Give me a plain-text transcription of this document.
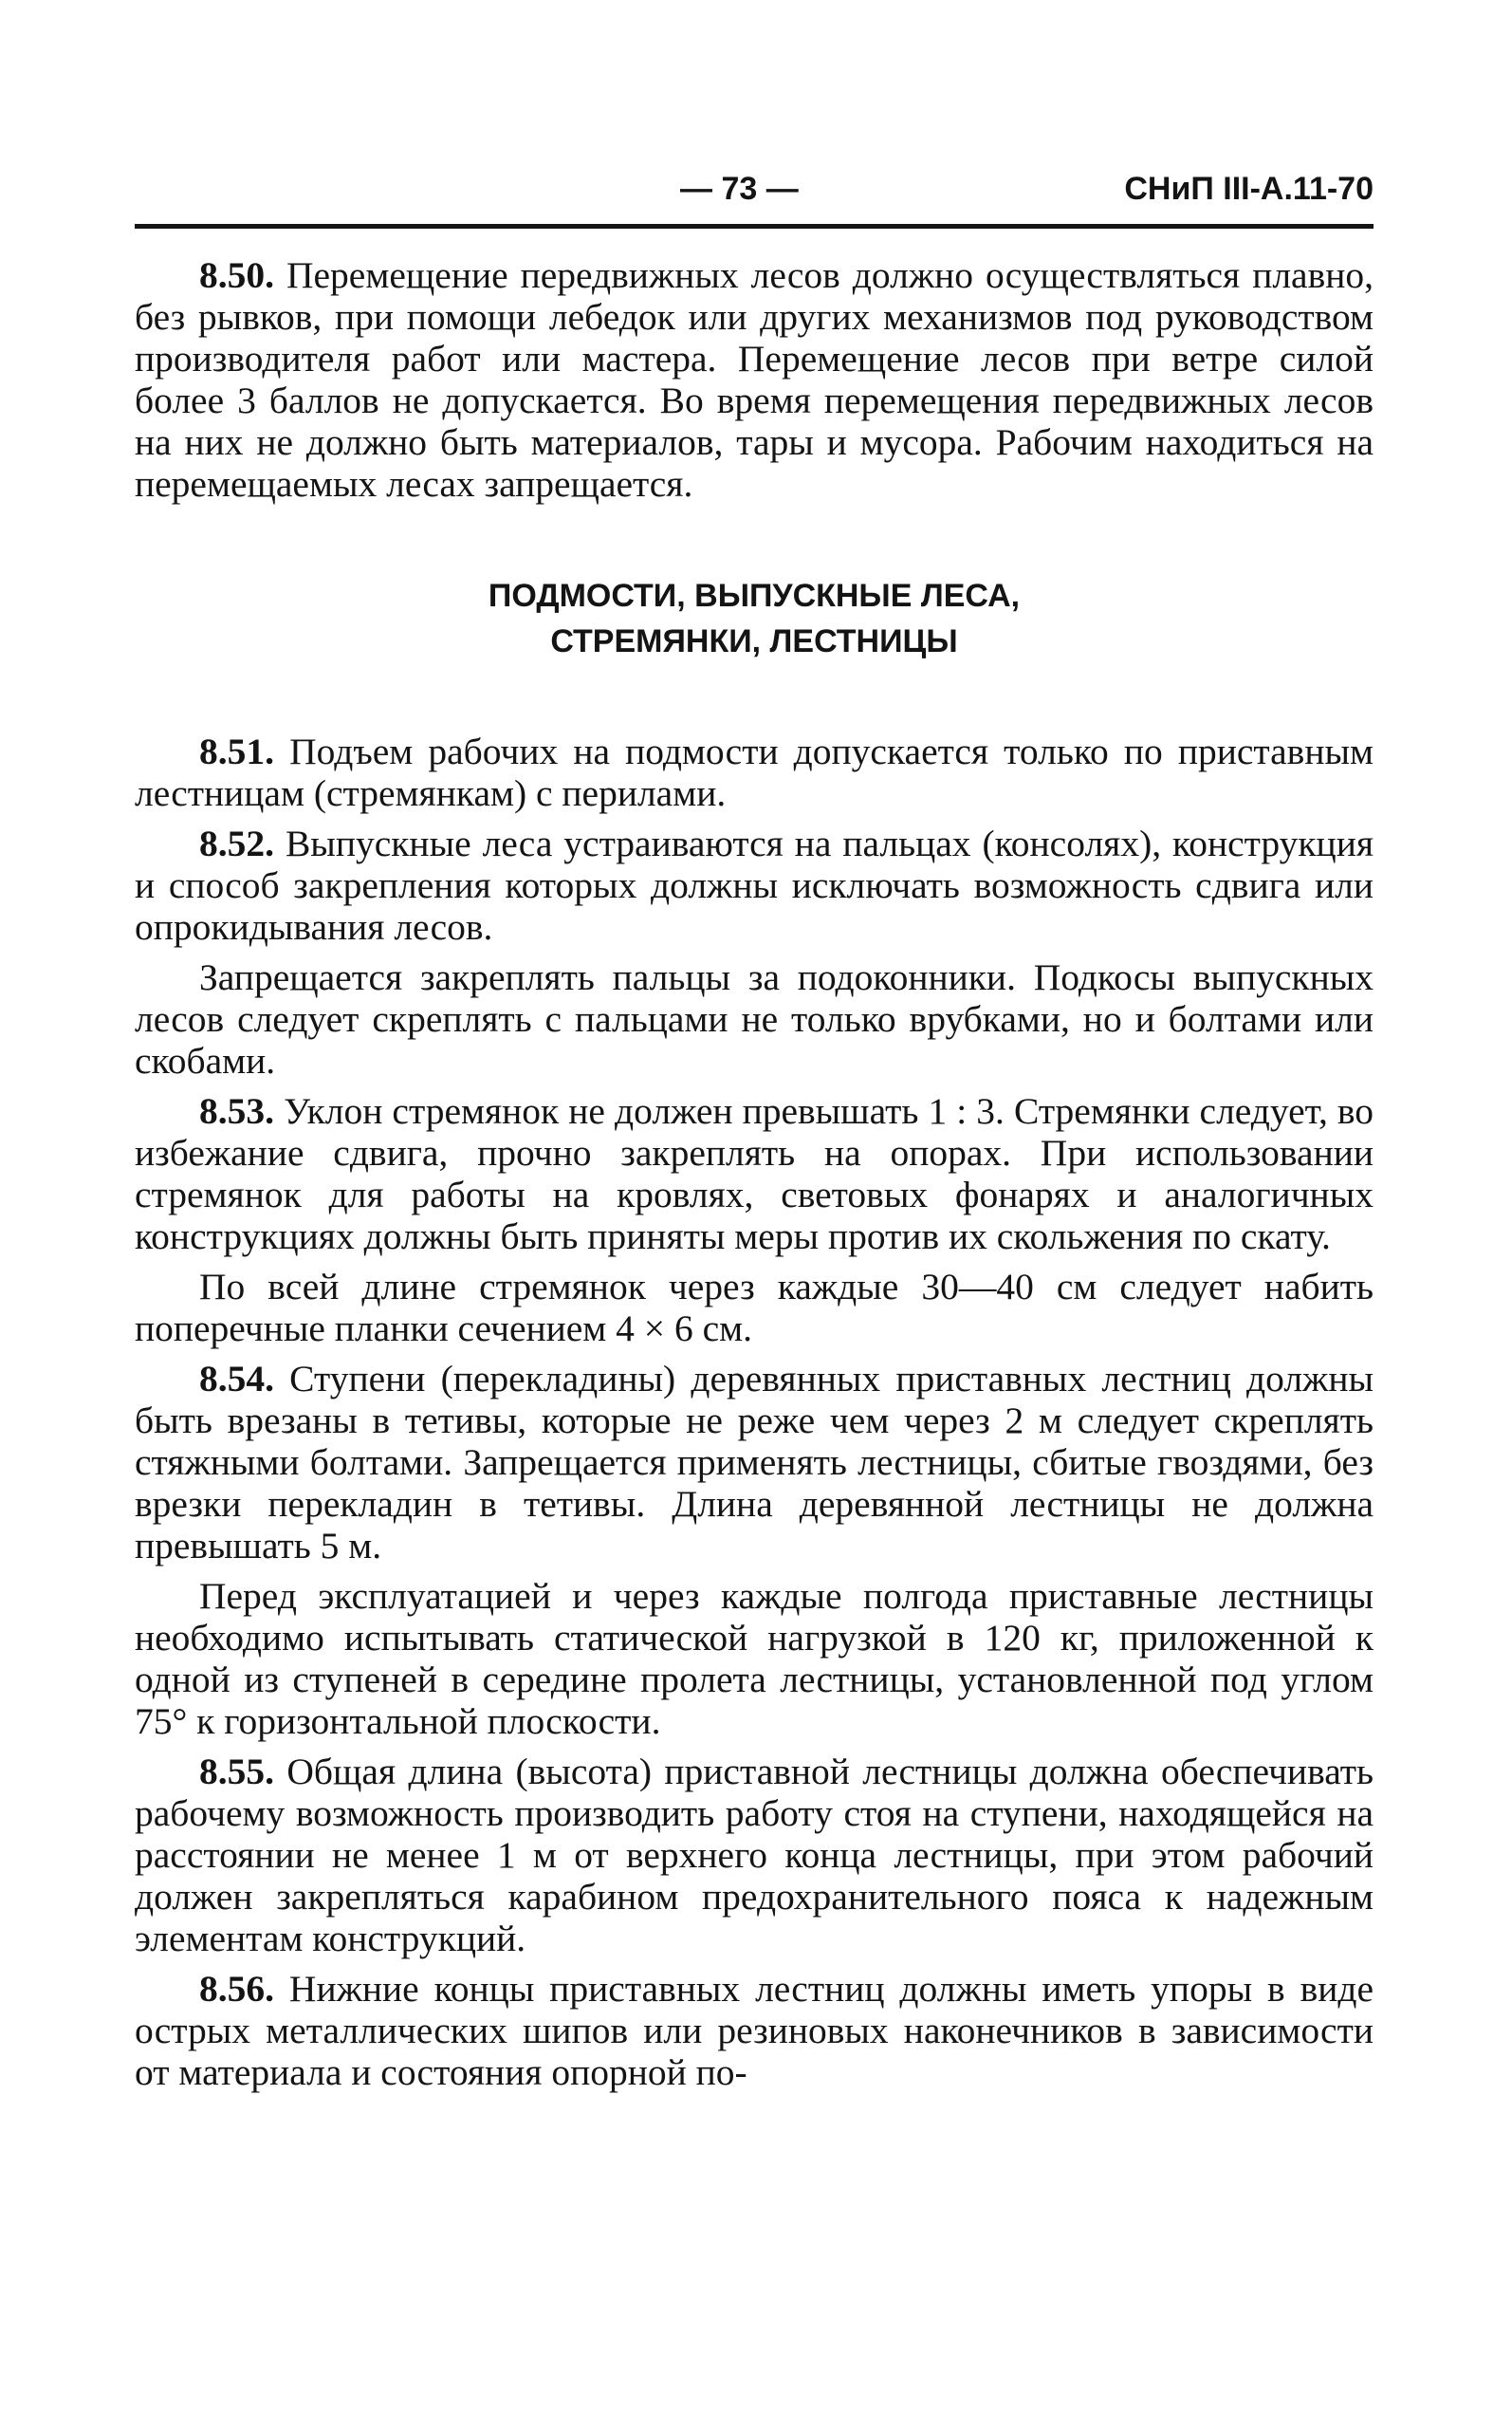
— 73 —	СНиП III-А.11-70

8.50. Перемещение передвижных лесов должно осуществляться плавно, без рывков, при помощи лебедок или других механизмов под руководством производителя работ или мастера. Перемещение лесов при ветре силой более 3 баллов не допускается. Во время перемещения передвижных лесов на них не должно быть материалов, тары и мусора. Рабочим находиться на перемещаемых лесах запрещается.

ПОДМОСТИ, ВЫПУСКНЫЕ ЛЕСА,
СТРЕМЯНКИ, ЛЕСТНИЦЫ

8.51. Подъем рабочих на подмости допускается только по приставным лестницам (стремянкам) с перилами.

8.52. Выпускные леса устраиваются на пальцах (консолях), конструкция и способ закрепления которых должны исключать возможность сдвига или опрокидывания лесов.

Запрещается закреплять пальцы за подоконники. Подкосы выпускных лесов следует скреплять с пальцами не только врубками, но и болтами или скобами.

8.53. Уклон стремянок не должен превышать 1 : 3. Стремянки следует, во избежание сдвига, прочно закреплять на опорах. При использовании стремянок для работы на кровлях, световых фонарях и аналогичных конструкциях должны быть приняты меры против их скольжения по скату.

По всей длине стремянок через каждые 30—40 см следует набить поперечные планки сечением 4 × 6 см.

8.54. Ступени (перекладины) деревянных приставных лестниц должны быть врезаны в тетивы, которые не реже чем через 2 м следует скреплять стяжными болтами. Запрещается применять лестницы, сбитые гвоздями, без врезки перекладин в тетивы. Длина деревянной лестницы не должна превышать 5 м.

Перед эксплуатацией и через каждые полгода приставные лестницы необходимо испытывать статической нагрузкой в 120 кг, приложенной к одной из ступеней в середине пролета лестницы, установленной под углом 75° к горизонтальной плоскости.

8.55. Общая длина (высота) приставной лестницы должна обеспечивать рабочему возможность производить работу стоя на ступени, находящейся на расстоянии не менее 1 м от верхнего конца лестницы, при этом рабочий должен закрепляться карабином предохранительного пояса к надежным элементам конструкций.

8.56. Нижние концы приставных лестниц должны иметь упоры в виде острых металлических шипов или резиновых наконечников в зависимости от материала и состояния опорной по-
